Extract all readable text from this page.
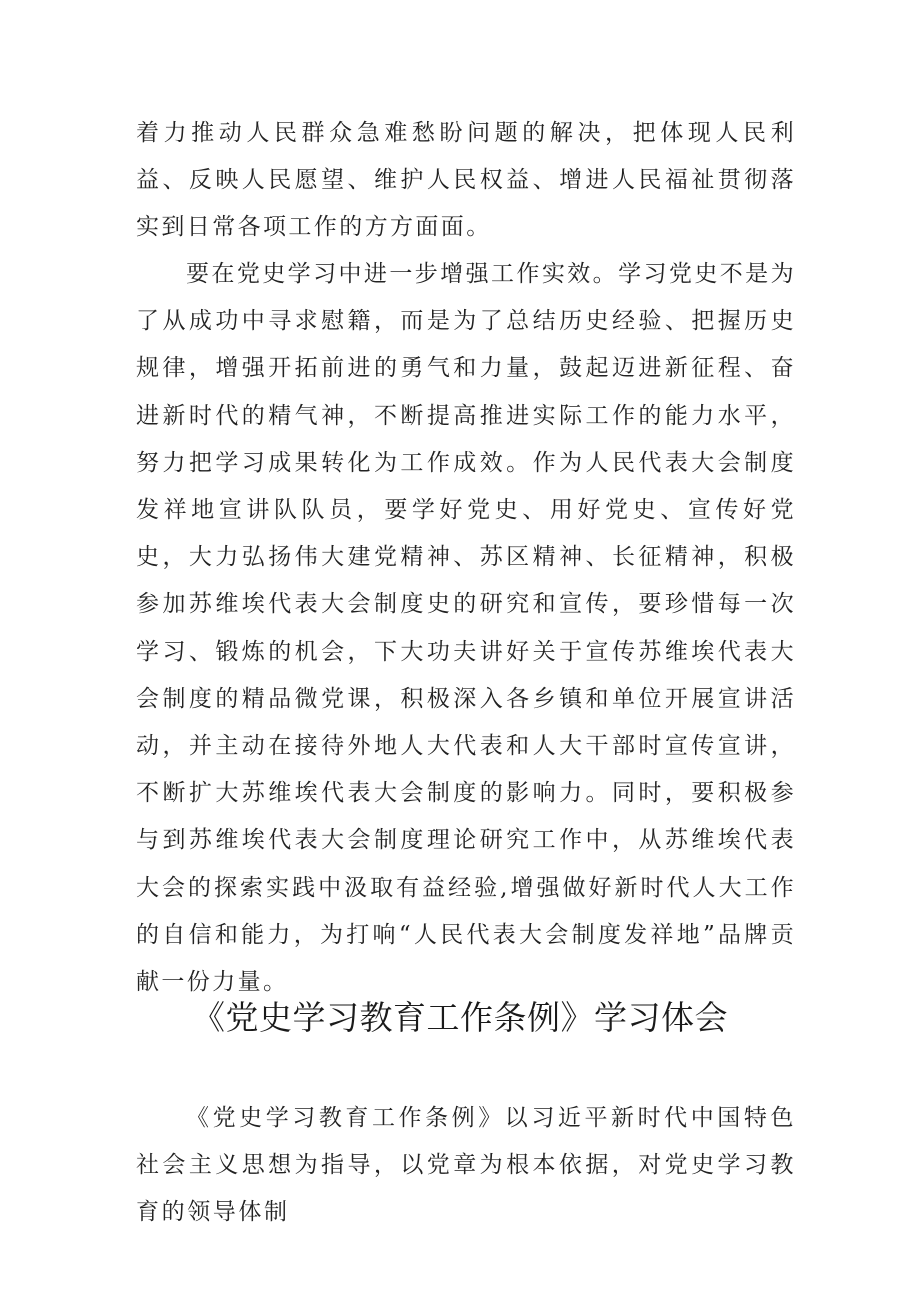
着力推动人民群众急难愁盼问题的解决，把体现人民利益、反映人民愿望、维护人民权益、增进人民福祉贯彻落实到日常各项工作的方方面面。

要在党史学习中进一步增强工作实效。学习党史不是为了从成功中寻求慰籍，而是为了总结历史经验、把握历史规律，增强开拓前进的勇气和力量，鼓起迈进新征程、奋进新时代的精气神，不断提高推进实际工作的能力水平，努力把学习成果转化为工作成效。作为人民代表大会制度发祥地宣讲队队员，要学好党史、用好党史、宣传好党史，大力弘扬伟大建党精神、苏区精神、长征精神，积极参加苏维埃代表大会制度史的研究和宣传，要珍惜每一次学习、锻炼的机会，下大功夫讲好关于宣传苏维埃代表大会制度的精品微党课，积极深入各乡镇和单位开展宣讲活动，并主动在接待外地人大代表和人大干部时宣传宣讲，不断扩大苏维埃代表大会制度的影响力。同时，要积极参与到苏维埃代表大会制度理论研究工作中，从苏维埃代表大会的探索实践中汲取有益经验,增强做好新时代人大工作的自信和能力，为打响“人民代表大会制度发祥地”品牌贡献一份力量。

《党史学习教育工作条例》学习体会

《党史学习教育工作条例》以习近平新时代中国特色社会主义思想为指导，以党章为根本依据，对党史学习教育的领导体制
